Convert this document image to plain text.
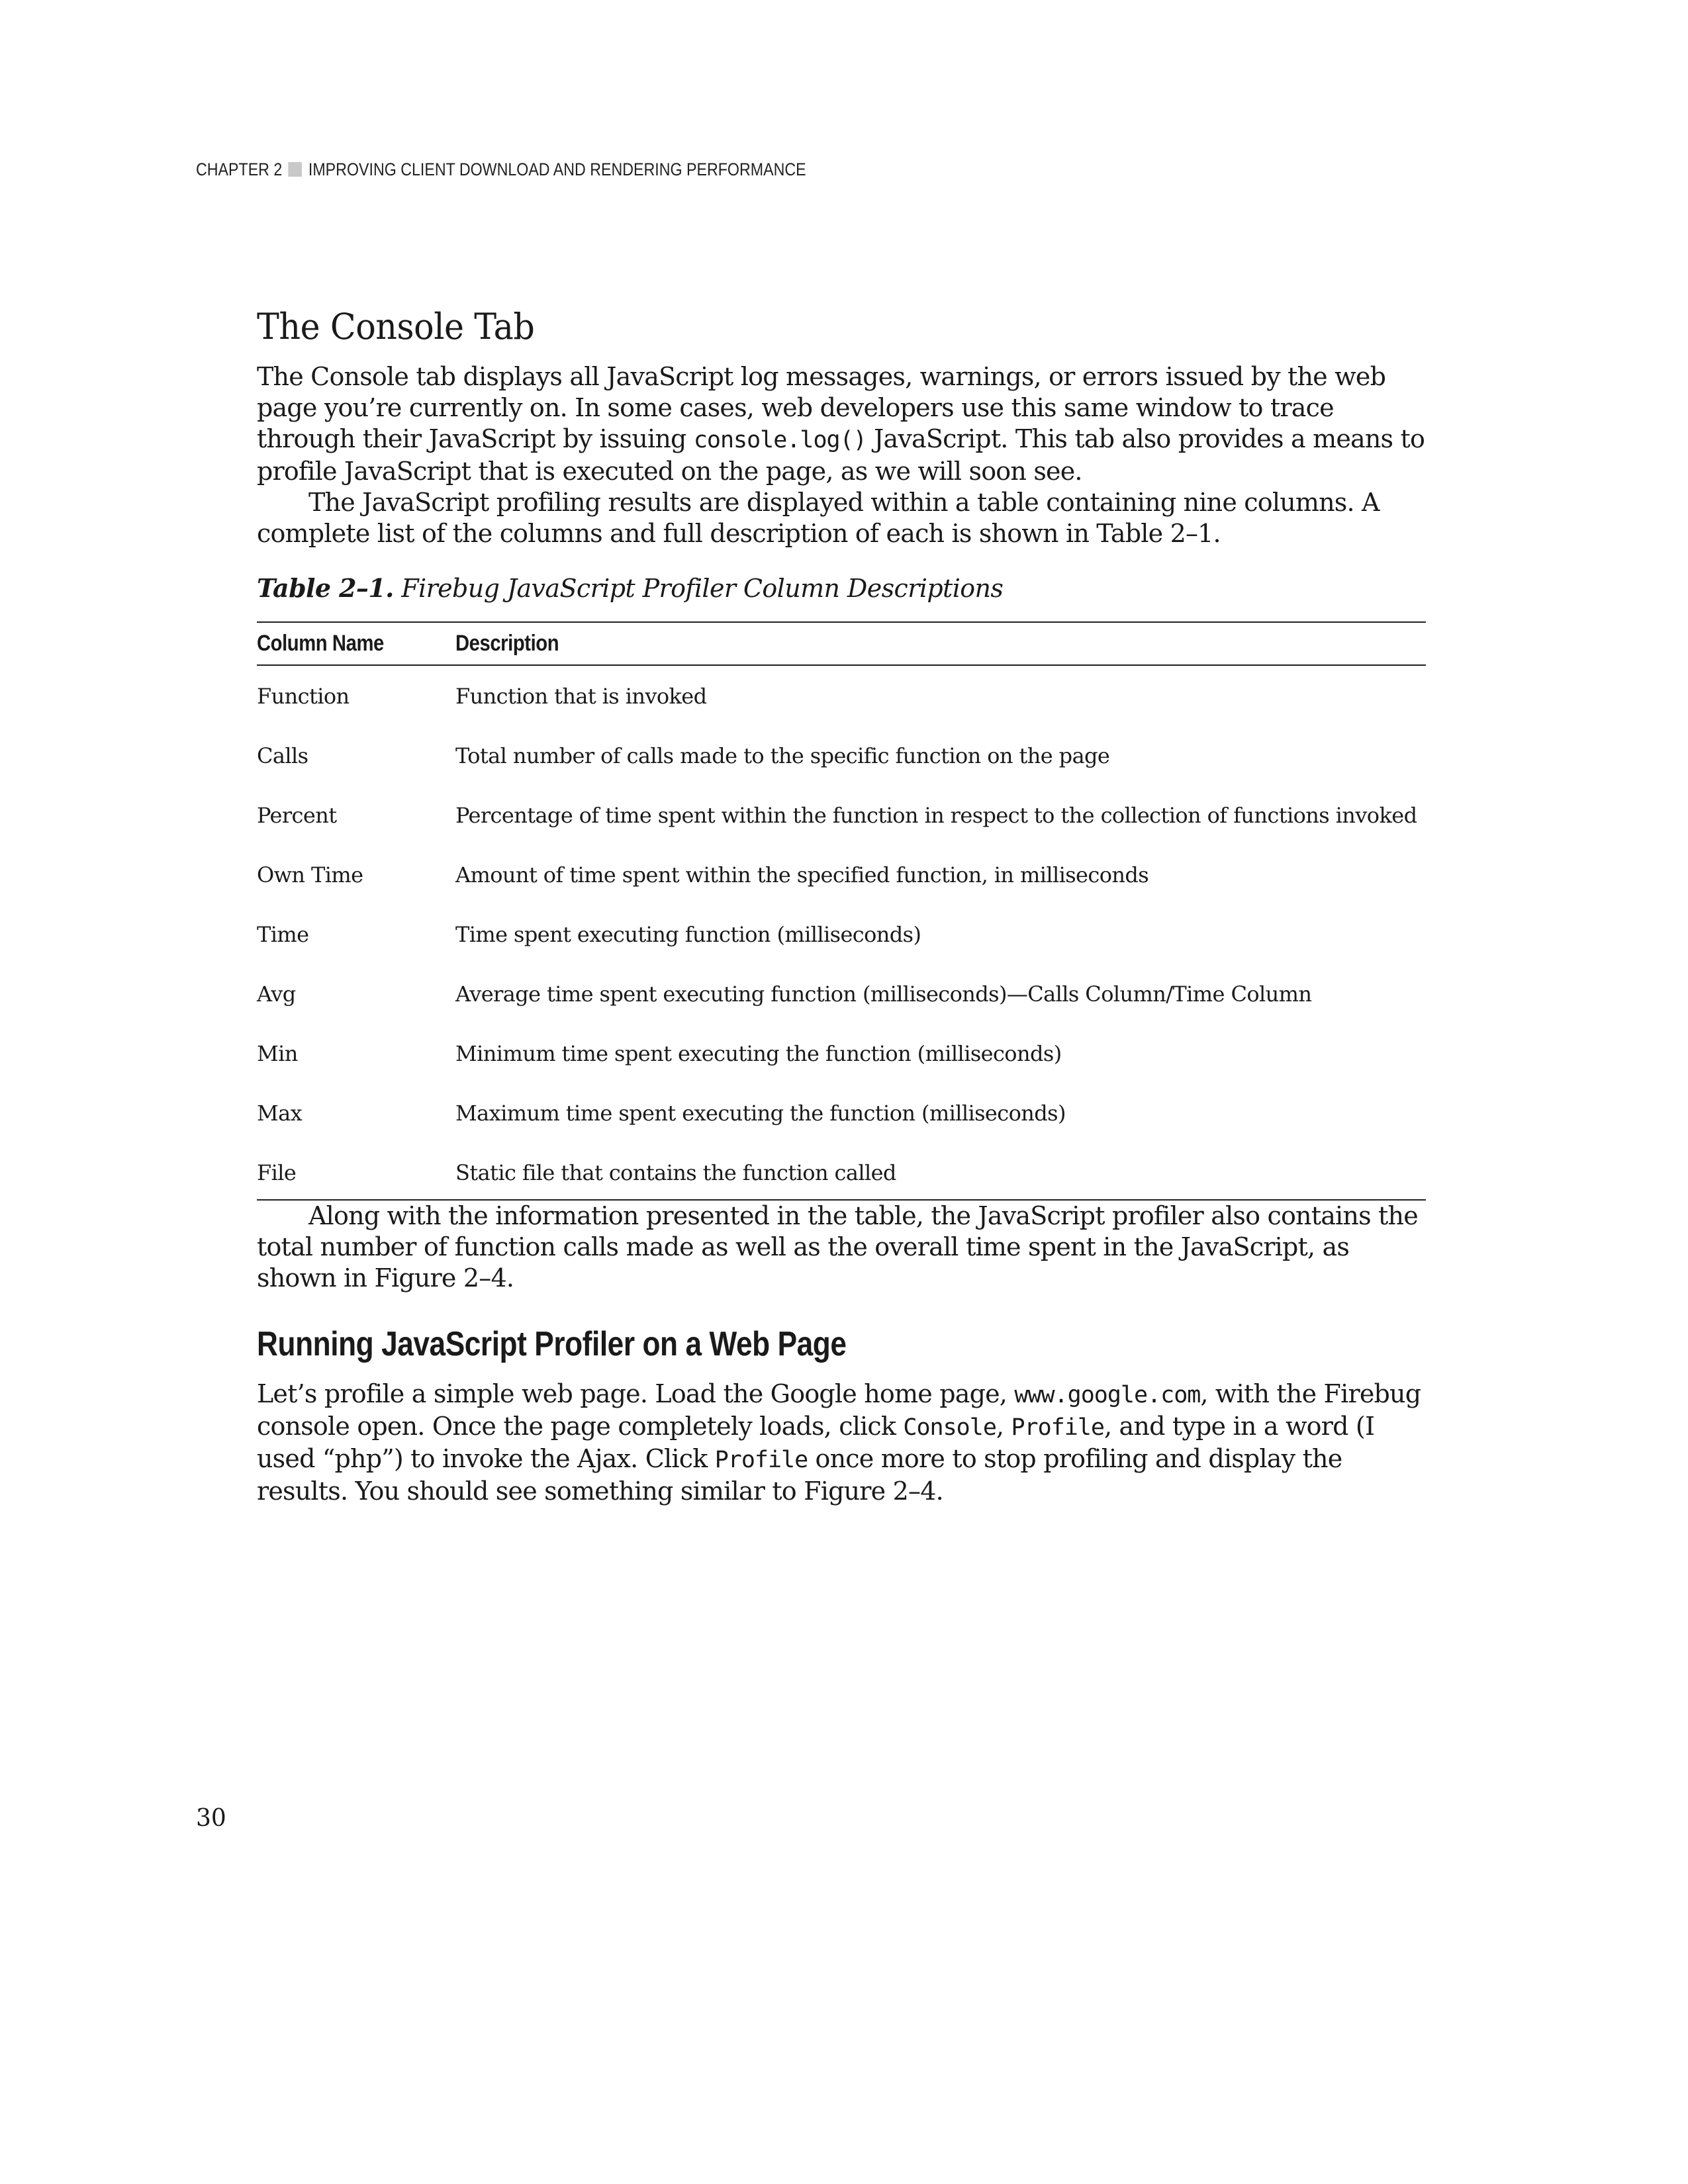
CHAPTER 2 IMPROVING CLIENT DOWNLOAD AND RENDERING PERFORMANCE
The Console Tab

The Console tab displays all JavaScript log messages, warnings, or errors issued by the web page you’re currently on. In some cases, web developers use this same window to trace through their JavaScript by issuing console.log() JavaScript. This tab also provides a means to profile JavaScript that is executed on the page, as we will soon see.

The JavaScript profiling results are displayed within a table containing nine columns. A complete list of the columns and full description of each is shown in Table 2–1.

Table 2–1. Firebug JavaScript Profiler Column Descriptions
Column Name	Description
Function	Function that is invoked
Calls	Total number of calls made to the specific function on the page
Percent	Percentage of time spent within the function in respect to the collection of functions invoked
Own Time	Amount of time spent within the specified function, in milliseconds
Time	Time spent executing function (milliseconds)
Avg	Average time spent executing function (milliseconds)—Calls Column/Time Column
Min	Minimum time spent executing the function (milliseconds)
Max	Maximum time spent executing the function (milliseconds)
File	Static file that contains the function called

Along with the information presented in the table, the JavaScript profiler also contains the total number of function calls made as well as the overall time spent in the JavaScript, as shown in Figure 2–4.

Running JavaScript Profiler on a Web Page

Let’s profile a simple web page. Load the Google home page, www.google.com, with the Firebug console open. Once the page completely loads, click Console, Profile, and type in a word (I used “php”) to invoke the Ajax. Click Profile once more to stop profiling and display the results. You should see something similar to Figure 2–4.

30
